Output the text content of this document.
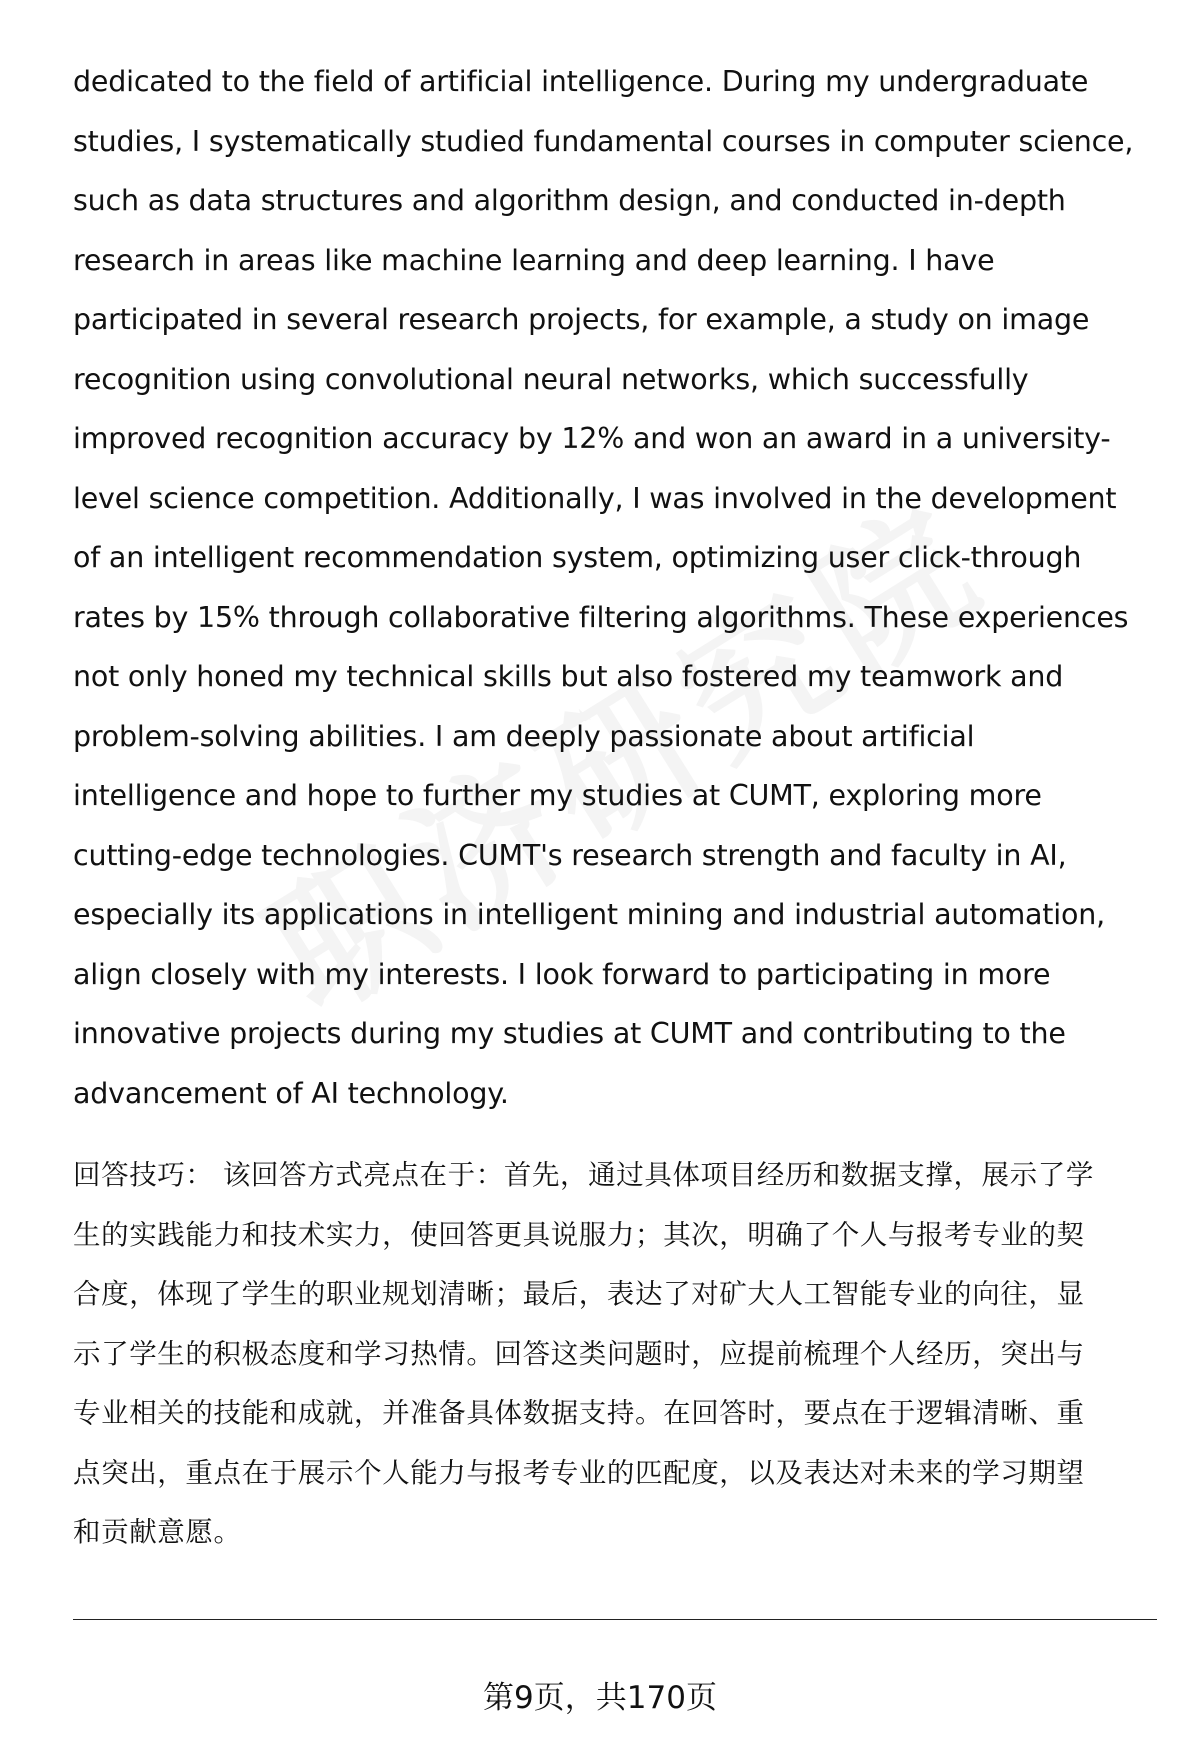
dedicated to the field of artificial intelligence. During my undergraduate
studies, I systematically studied fundamental courses in computer science,
such as data structures and algorithm design, and conducted in-depth
research in areas like machine learning and deep learning. I have
participated in several research projects, for example, a study on image
recognition using convolutional neural networks, which successfully
improved recognition accuracy by 12% and won an award in a university-
level science competition. Additionally, I was involved in the development
of an intelligent recommendation system, optimizing user click-through
rates by 15% through collaborative filtering algorithms. These experiences
not only honed my technical skills but also fostered my teamwork and
problem-solving abilities. I am deeply passionate about artificial
intelligence and hope to further my studies at CUMT, exploring more
cutting-edge technologies. CUMT's research strength and faculty in AI,
especially its applications in intelligent mining and industrial automation,
align closely with my interests. I look forward to participating in more
innovative projects during my studies at CUMT and contributing to the
advancement of AI technology.
回答技巧： 该回答方式亮点在于：首先，通过具体项目经历和数据支撑，展示了学
生的实践能力和技术实力，使回答更具说服力；其次，明确了个人与报考专业的契
合度，体现了学生的职业规划清晰；最后，表达了对矿大人工智能专业的向往，显
示了学生的积极态度和学习热情。回答这类问题时，应提前梳理个人经历，突出与
专业相关的技能和成就，并准备具体数据支持。在回答时，要点在于逻辑清晰、重
点突出，重点在于展示个人能力与报考专业的匹配度，以及表达对未来的学习期望
和贡献意愿。
第9页，共170页
